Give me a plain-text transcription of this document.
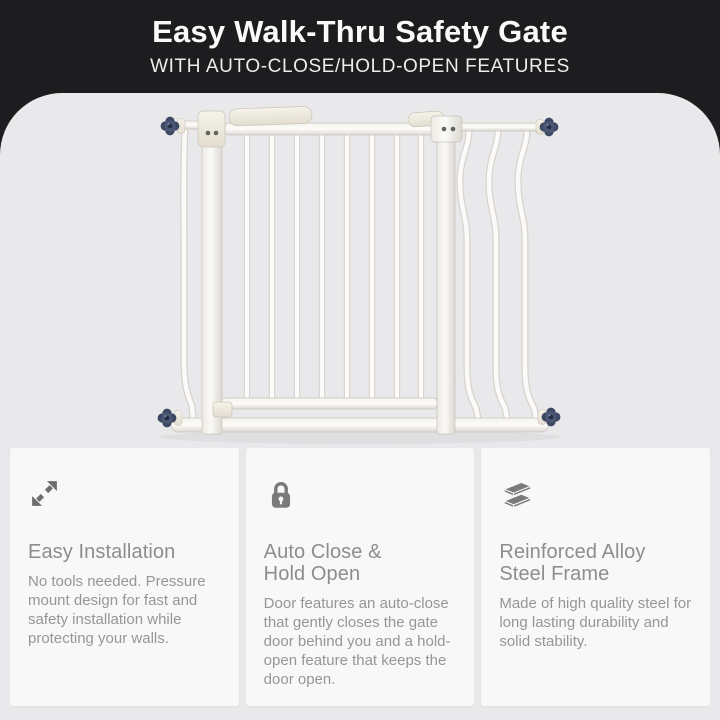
Easy Walk-Thru Safety Gate
WITH AUTO-CLOSE/HOLD-OPEN FEATURES
Easy Installation

No tools needed. Pressure mount design for fast and safety installation while protecting your walls.

Auto Close &
Hold Open

Door features an auto-close that gently closes the gate door behind you and a hold-open feature that keeps the door open.

Reinforced Alloy
Steel Frame

Made of high quality steel for long lasting durability and solid stability.
